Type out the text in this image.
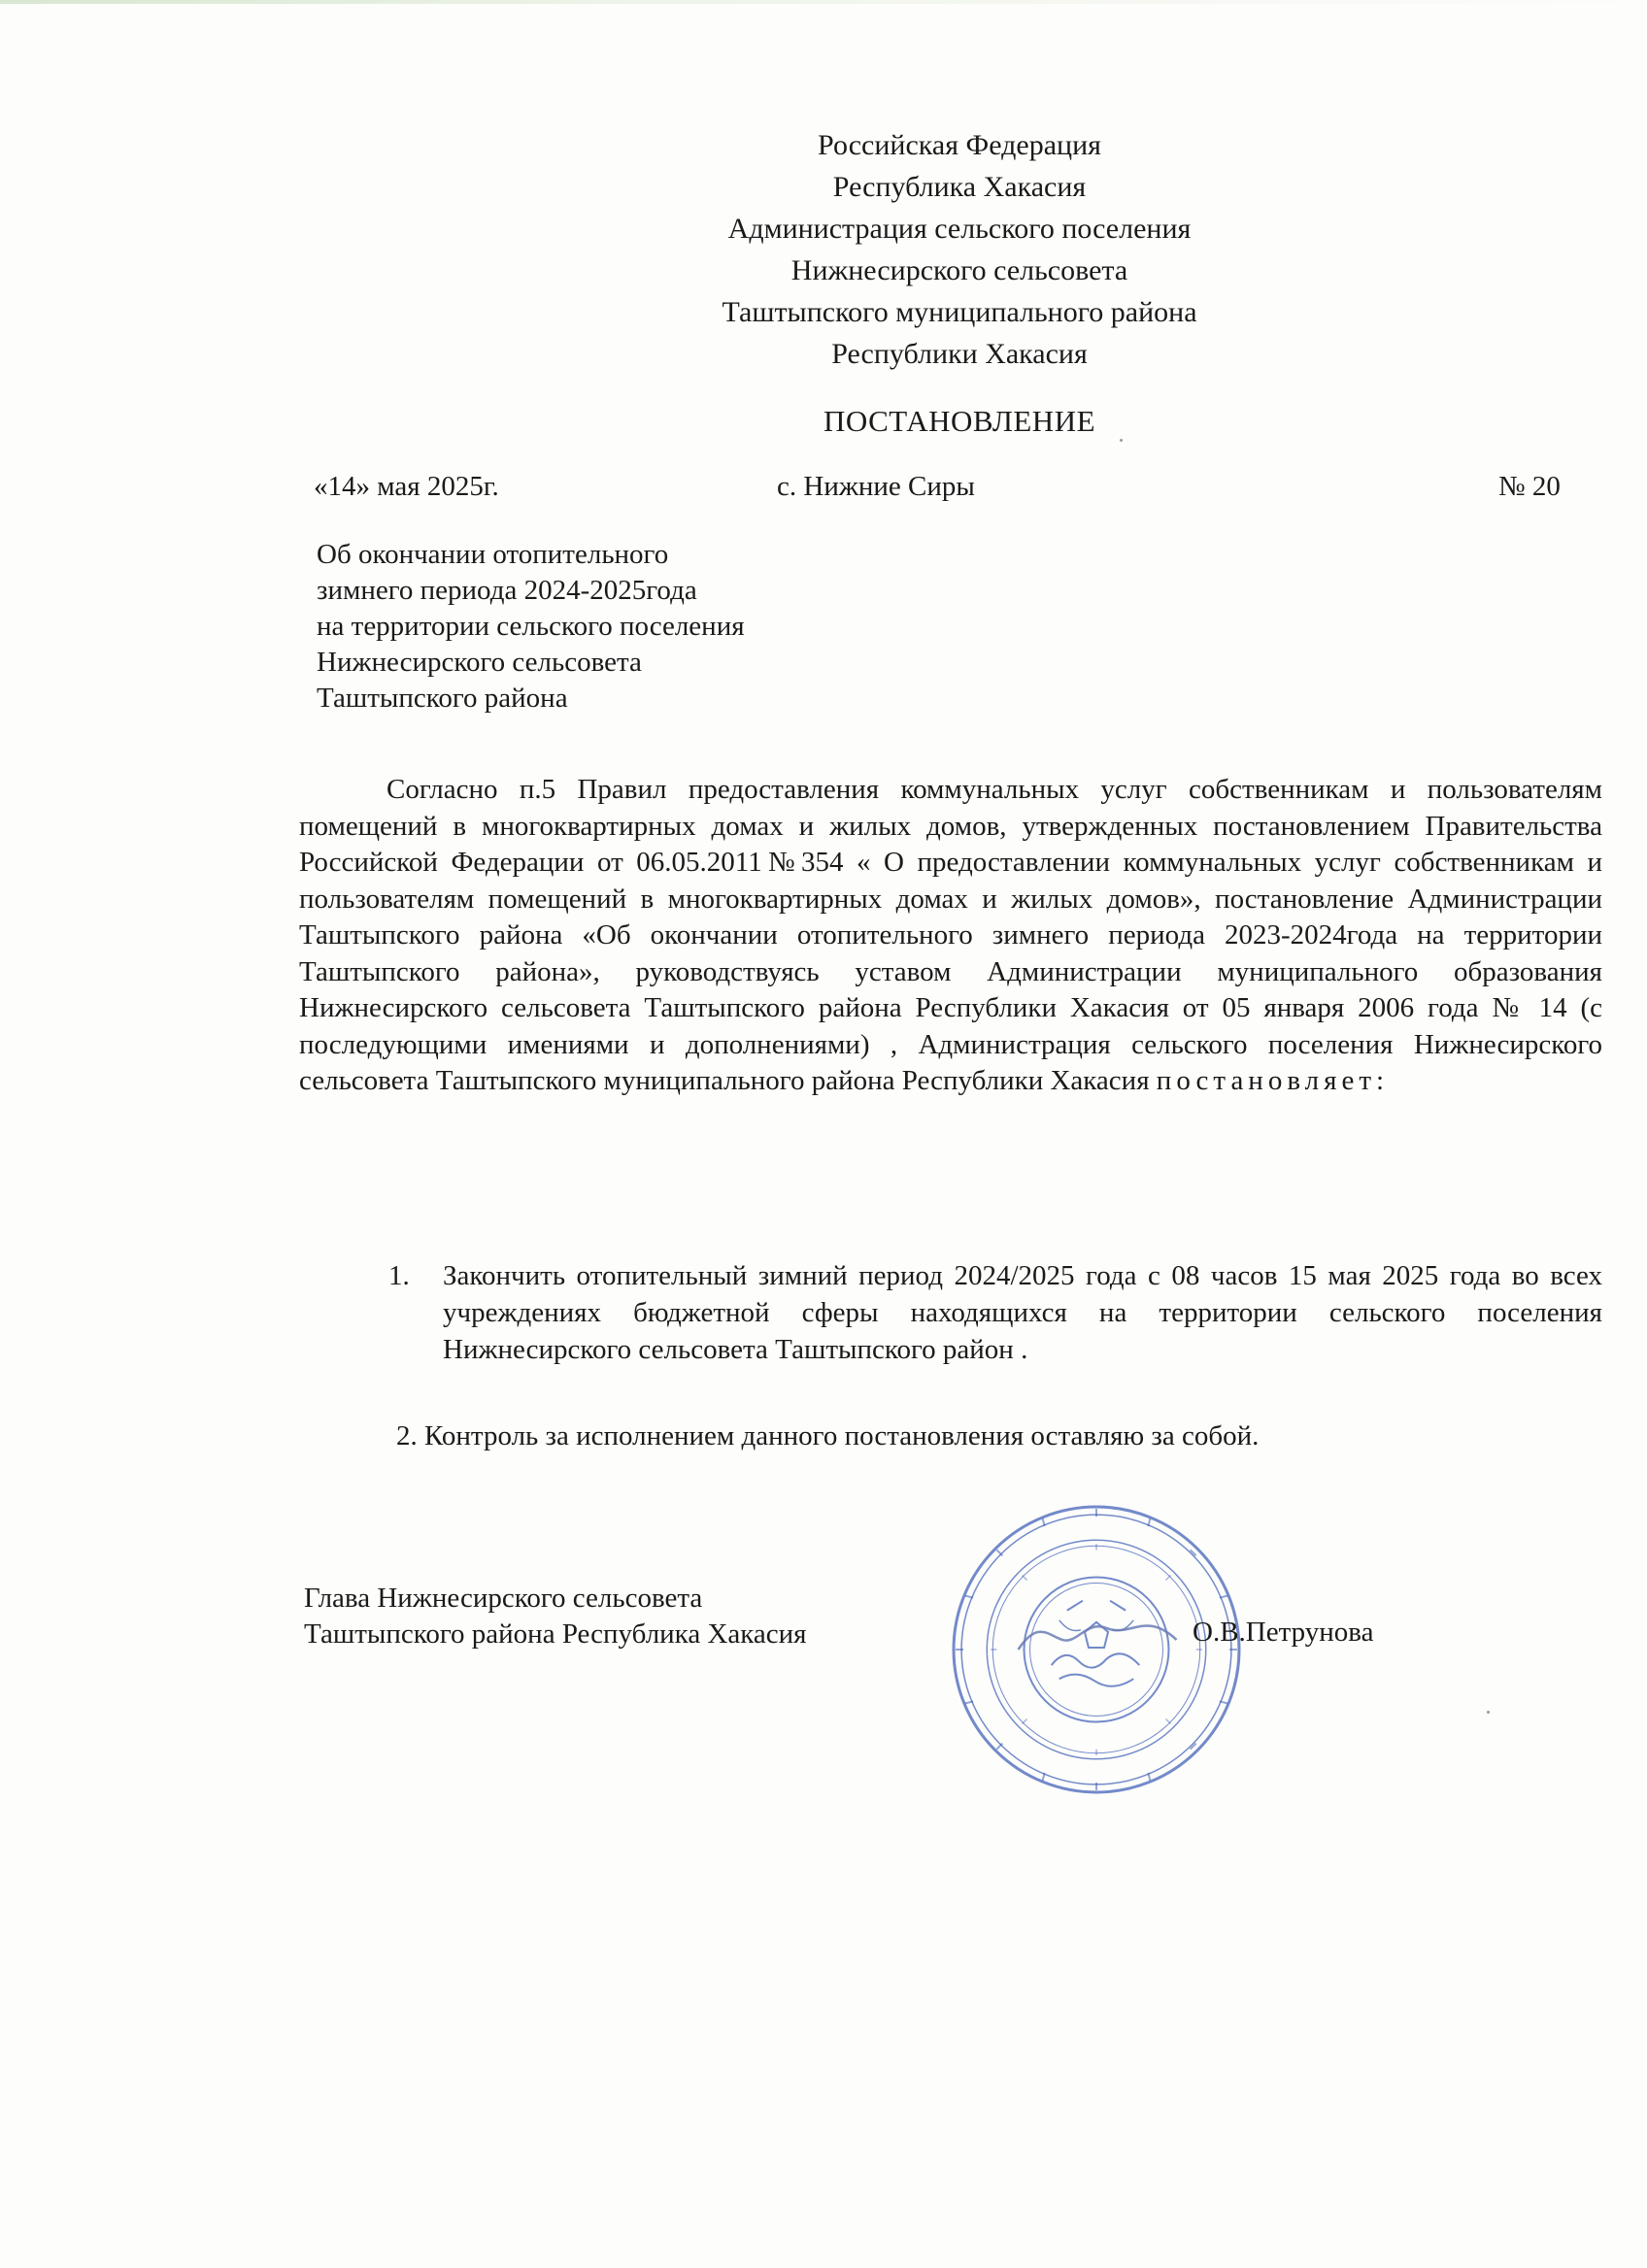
Российская Федерация
Республика Хакасия
Администрация сельского поселения
Нижнесирского сельсовета
Таштыпского муниципального района
Республики Хакасия
ПОСТАНОВЛЕНИЕ
«14» мая 2025г.	с. Нижние Сиры	№ 20
Об окончании отопительного
зимнего периода 2024-2025года
на территории сельского поселения
Нижнесирского сельсовета
Таштыпского района

Согласно п.5 Правил предоставления коммунальных услуг собственникам и пользователям помещений в многоквартирных домах и жилых домов, утвержденных постановлением Правительства Российской Федерации от 06.05.2011№354 « О предоставлении коммунальных услуг собственникам и пользователям помещений в многоквартирных домах и жилых домов», постановление Администрации Таштыпского района «Об окончании отопительного зимнего периода 2023-2024года на территории Таштыпского района», руководствуясь уставом Администрации муниципального образования Нижнесирского сельсовета Таштыпского района Республики Хакасия от 05 января 2006 года № 14 (с последующими имениями и дополнениями) , Администрация сельского поселения Нижнесирского сельсовета Таштыпского муниципального района Республики Хакасия постановляет:

1. Закончить отопительный зимний период 2024/2025 года с 08 часов 15 мая 2025 года во всех учреждениях бюджетной сферы находящихся на территории сельского поселения Нижнесирского сельсовета Таштыпского район .
2. Контроль за исполнением данного постановления оставляю за собой.
Глава Нижнесирского сельсовета
Таштыпского района Республика Хакасия	О.В.Петрунова
